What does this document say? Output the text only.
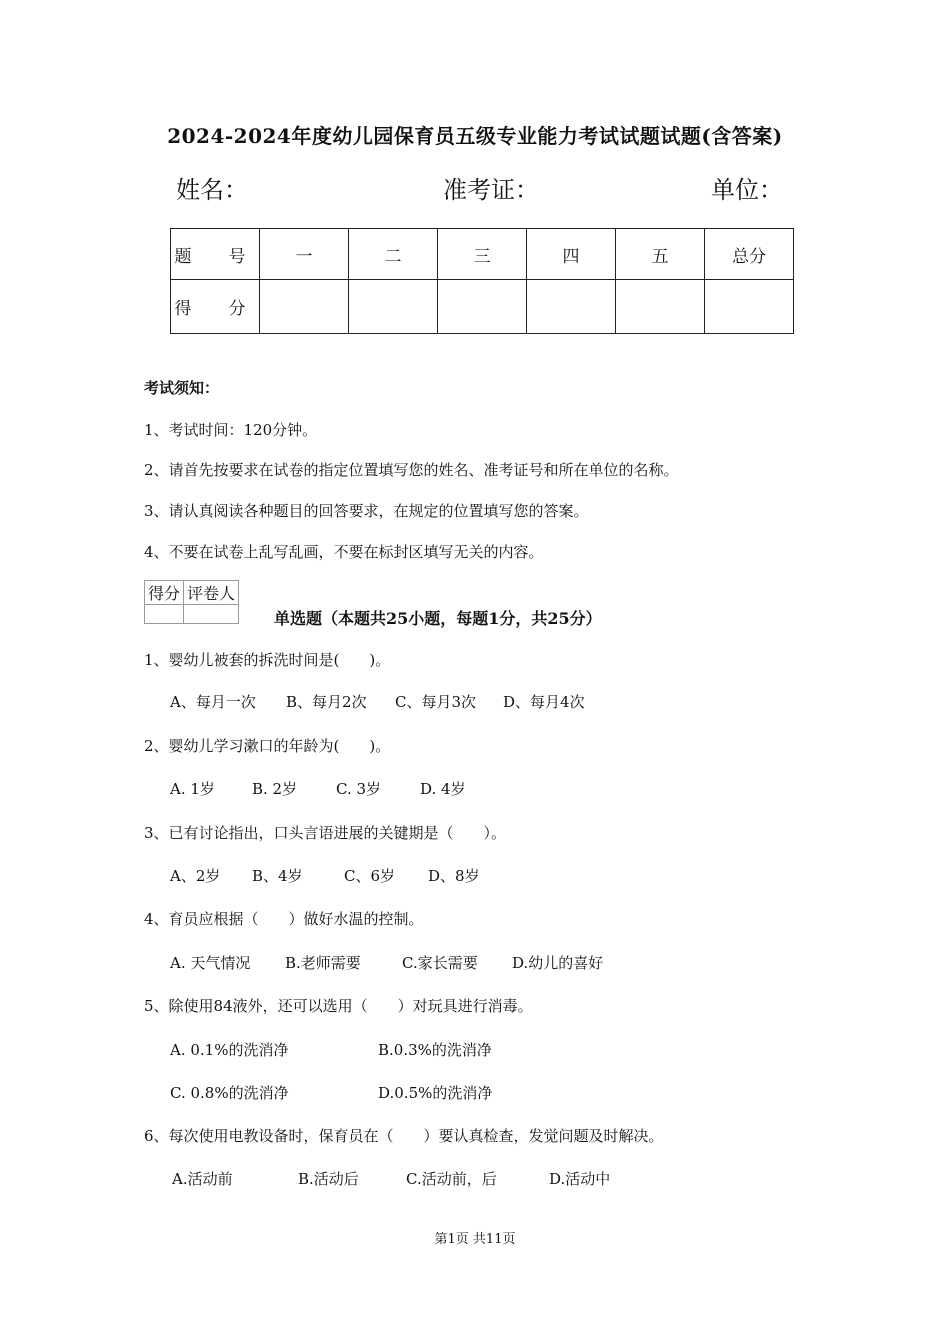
2024-2024年度幼儿园保育员五级专业能力考试试题试题(含答案)
姓名：	准考证：	单位：
题　号	一	二	三	四	五	总分
得　分						
考试须知：
1、考试时间：120分钟。
2、请首先按要求在试卷的指定位置填写您的姓名、准考证号和所在单位的名称。
3、请认真阅读各种题目的回答要求，在规定的位置填写您的答案。
4、不要在试卷上乱写乱画，不要在标封区填写无关的内容。
得分	评卷人

单选题（本题共25小题，每题1分，共25分）
1、婴幼儿被套的拆洗时间是(　　)。
A、每月一次 B、每月2次 C、每月3次 D、每月4次
2、婴幼儿学习漱口的年龄为(　　)。
A. 1岁 B. 2岁	C. 3岁	D. 4岁
3、已有讨论指出，口头言语进展的关键期是（　　）。
A、2岁 B、4岁	C、6岁 D、8岁
4、育员应根据（　　）做好水温的控制。
A. 天气情况 B.老师需要	C.家长需要 D.幼儿的喜好
5、除使用84液外，还可以选用（　　）对玩具进行消毒。
A. 0.1%的洗消净	B.0.3%的洗消净
C. 0.8%的洗消净	D.0.5%的洗消净
6、每次使用电教设备时，保育员在（　　）要认真检查，发觉问题及时解决。
A.活动前	B.活动后	C.活动前，后	D.活动中
第1页 共11页
